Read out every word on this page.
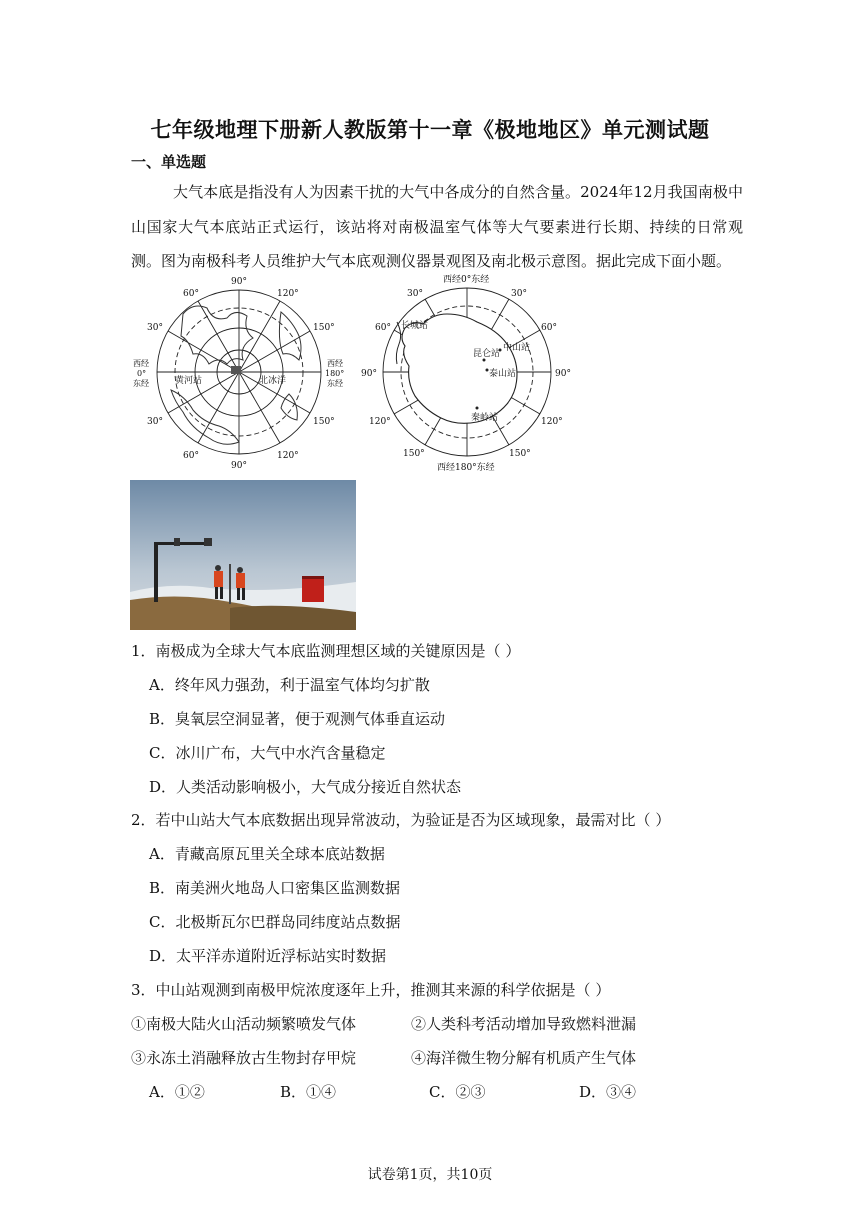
七年级地理下册新人教版第十一章《极地地区》单元测试题
一、单选题
大气本底是指没有人为因素干扰的大气中各成分的自然含量。2024年12月我国南极中山国家大气本底站正式运行，该站将对南极温室气体等大气要素进行长期、持续的日常观测。图为南极科考人员维护大气本底观测仪器景观图及南北极示意图。据此完成下面小题。
90°
90°
60°	120°
60°	120°
30°
30°
150°
150°
西经
0°
东经
西经
180°
东经
黄河站	北冰洋
西经0°东经
西经180°东经
30°	30°
60°	60°
90°	90°
120°	120°
150°	150°
长城站
昆仑站
中山站
泰山站
秦岭站
1．南极成为全球大气本底监测理想区域的关键原因是（ ）
A．终年风力强劲，利于温室气体均匀扩散
B．臭氧层空洞显著，便于观测气体垂直运动
C．冰川广布，大气中水汽含量稳定
D．人类活动影响极小，大气成分接近自然状态
2．若中山站大气本底数据出现异常波动，为验证是否为区域现象，最需对比（ ）
A．青藏高原瓦里关全球本底站数据
B．南美洲火地岛人口密集区监测数据
C．北极斯瓦尔巴群岛同纬度站点数据
D．太平洋赤道附近浮标站实时数据
3．中山站观测到南极甲烷浓度逐年上升，推测其来源的科学依据是（ ）
①南极大陆火山活动频繁喷发气体	②人类科考活动增加导致燃料泄漏
③永冻土消融释放古生物封存甲烷	④海洋微生物分解有机质产生气体
A．①②	B．①④	C．②③	D．③④
试卷第1页，共10页
